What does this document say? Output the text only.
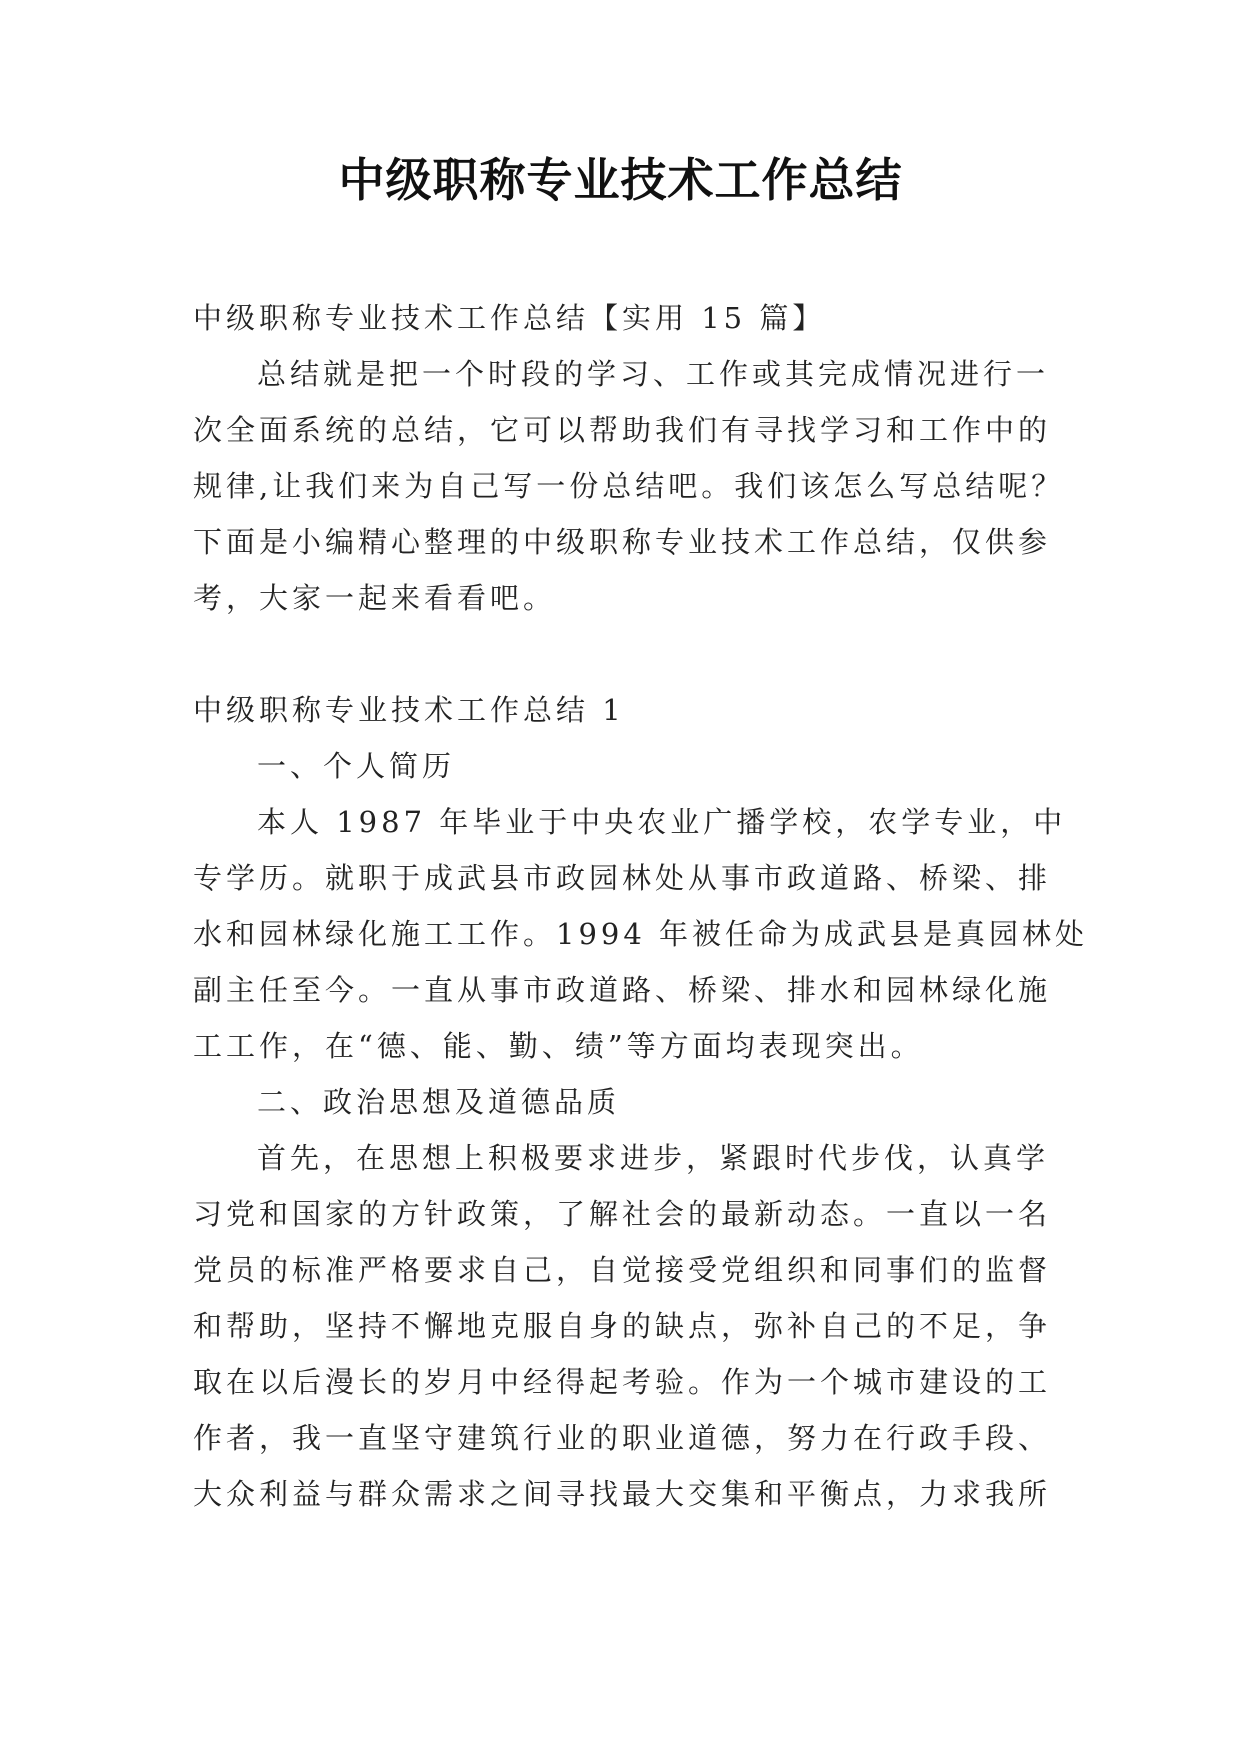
中级职称专业技术工作总结

中级职称专业技术工作总结【实用 15 篇】

总结就是把一个时段的学习、工作或其完成情况进行一

次全面系统的总结，它可以帮助我们有寻找学习和工作中的

规律,让我们来为自己写一份总结吧。我们该怎么写总结呢？

下面是小编精心整理的中级职称专业技术工作总结，仅供参

考，大家一起来看看吧。

中级职称专业技术工作总结 1

一、个人简历

本人 1987 年毕业于中央农业广播学校，农学专业，中

专学历。就职于成武县市政园林处从事市政道路、桥梁、排

水和园林绿化施工工作。1994 年被任命为成武县是真园林处

副主任至今。一直从事市政道路、桥梁、排水和园林绿化施

工工作，在“德、能、勤、绩”等方面均表现突出。

二、政治思想及道德品质

首先，在思想上积极要求进步，紧跟时代步伐，认真学

习党和国家的方针政策，了解社会的最新动态。一直以一名

党员的标准严格要求自己，自觉接受党组织和同事们的监督

和帮助，坚持不懈地克服自身的缺点，弥补自己的不足，争

取在以后漫长的岁月中经得起考验。作为一个城市建设的工

作者，我一直坚守建筑行业的职业道德，努力在行政手段、

大众利益与群众需求之间寻找最大交集和平衡点，力求我所
